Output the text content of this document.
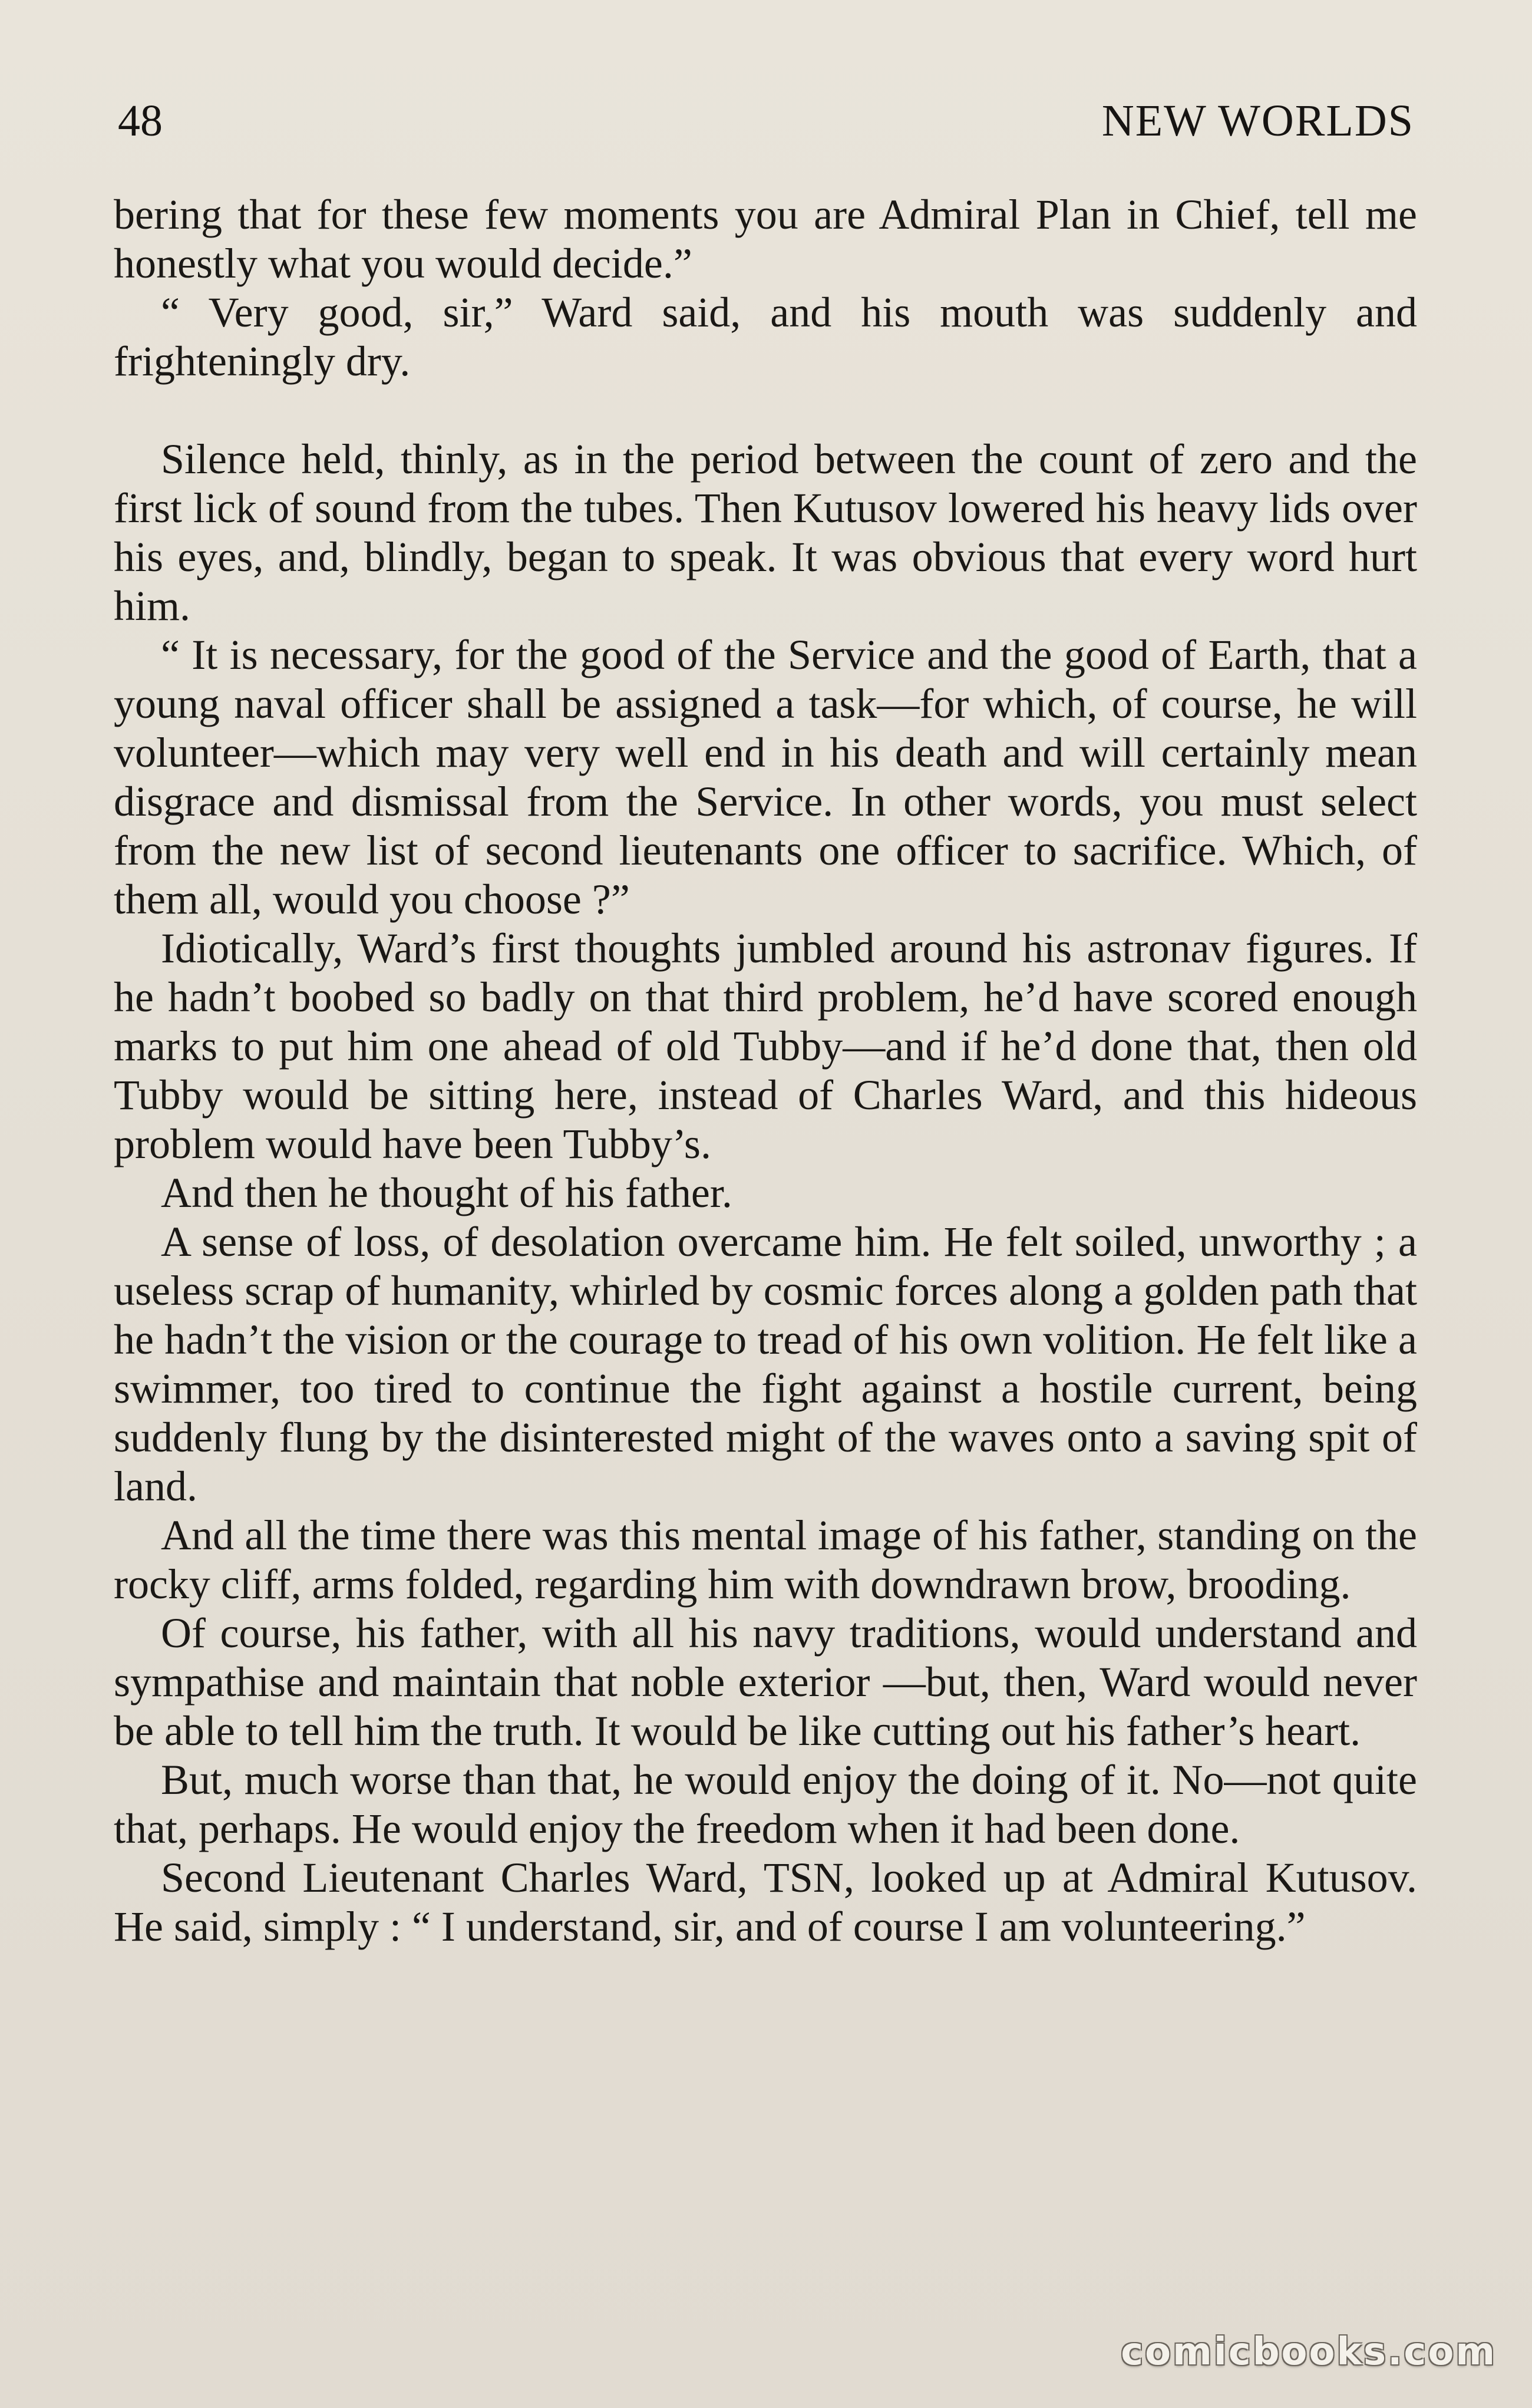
48	NEW WORLDS

bering that for these few moments you are Admiral Plan in Chief, tell me honestly what you would decide.”

“ Very good, sir,” Ward said, and his mouth was suddenly and frighteningly dry.

Silence held, thinly, as in the period between the count of zero and the first lick of sound from the tubes. Then Kutusov lowered his heavy lids over his eyes, and, blindly, began to speak. It was obvious that every word hurt him.

“ It is necessary, for the good of the Service and the good of Earth, that a young naval officer shall be assigned a task—for which, of course, he will volunteer—which may very well end in his death and will certainly mean disgrace and dismissal from the Service. In other words, you must select from the new list of second lieutenants one officer to sacrifice. Which, of them all, would you choose ?”

Idiotically, Ward’s first thoughts jumbled around his astronav figures. If he hadn’t boobed so badly on that third problem, he’d have scored enough marks to put him one ahead of old Tubby—and if he’d done that, then old Tubby would be sitting here, instead of Charles Ward, and this hideous problem would have been Tubby’s.

And then he thought of his father.

A sense of loss, of desolation overcame him. He felt soiled, unworthy ; a useless scrap of humanity, whirled by cosmic forces along a golden path that he hadn’t the vision or the courage to tread of his own volition. He felt like a swimmer, too tired to continue the fight against a hostile current, being suddenly flung by the disinterested might of the waves onto a saving spit of land.

And all the time there was this mental image of his father, standing on the rocky cliff, arms folded, regarding him with downdrawn brow, brooding.

Of course, his father, with all his navy traditions, would understand and sympathise and maintain that noble exterior —but, then, Ward would never be able to tell him the truth. It would be like cutting out his father’s heart.

But, much worse than that, he would enjoy the doing of it. No—not quite that, perhaps. He would enjoy the freedom when it had been done.

Second Lieutenant Charles Ward, TSN, looked up at Admiral Kutusov. He said, simply : “ I understand, sir, and of course I am volunteering.”

comicbooks.com
